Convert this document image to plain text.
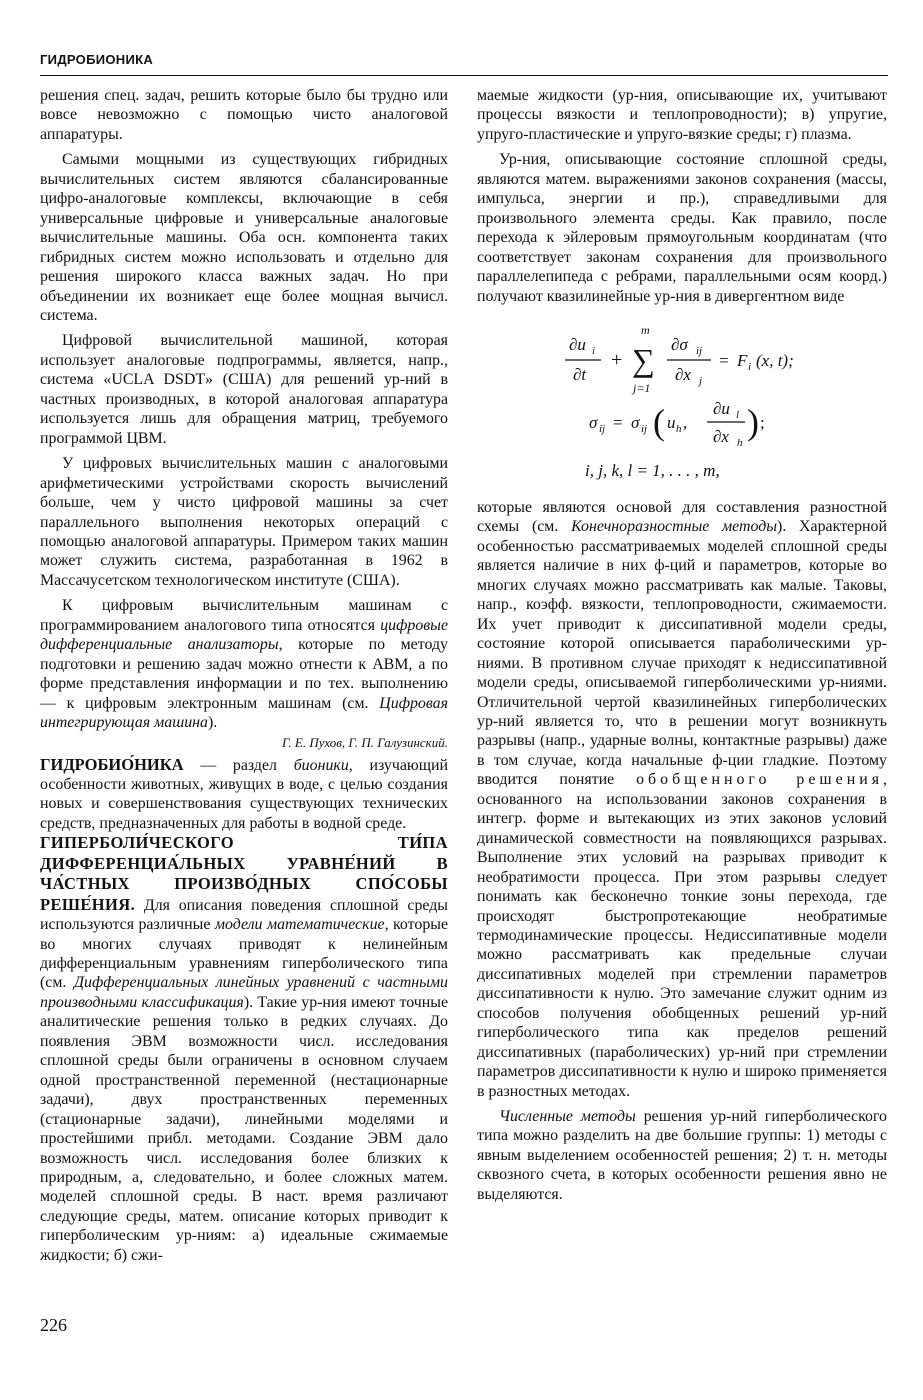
ГИДРОБИОНИКА

решения спец. задач, решить которые было бы трудно или вовсе невозможно с помощью чисто аналоговой аппаратуры.

Самыми мощными из существующих гибридных вычислительных систем являются сбалансированные цифро-аналоговые комплексы, включающие в себя универсальные цифровые и универсальные аналоговые вычислительные машины. Оба осн. компонента таких гибридных систем можно использовать и отдельно для решения широкого класса важных задач. Но при объединении их возникает еще более мощная вычисл. система.

Цифровой вычислительной машиной, которая использует аналоговые подпрограммы, является, напр., система «UCLA DSDT» (США) для решений ур-ний в частных производных, в которой аналоговая аппаратура используется лишь для обращения матриц, требуемого программой ЦВМ.

У цифровых вычислительных машин с аналоговыми арифметическими устройствами скорость вычислений больше, чем у чисто цифровой машины за счет параллельного выполнения некоторых операций с помощью аналоговой аппаратуры. Примером таких машин может служить система, разработанная в 1962 в Массачусетском технологическом институте (США).

К цифровым вычислительным машинам с программированием аналогового типа относятся цифровые дифференциальные анализаторы, которые по методу подготовки и решению задач можно отнести к АВМ, а по форме представления информации и по тех. выполнению — к цифровым электронным машинам (см. Цифровая интегрирующая машина).

Г. Е. Пухов, Г. П. Галузинский.

ГИДРОБИО́НИКА — раздел бионики, изучающий особенности животных, живущих в воде, с целью создания новых и совершенствования существующих технических средств, предназначенных для работы в водной среде.

ГИПЕРБОЛИ́ЧЕСКОГО ТИ́ПА ДИФФЕРЕНЦИА́ЛЬНЫХ УРАВНЕ́НИЙ В ЧА́СТНЫХ ПРОИЗВО́ДНЫХ СПО́СОБЫ РЕШЕ́НИЯ. Для описания поведения сплошной среды используются различные модели математические, которые во многих случаях приводят к нелинейным дифференциальным уравнениям гиперболического типа (см. Дифференциальных линейных уравнений с частными производными классификация). Такие ур-ния имеют точные аналитические решения только в редких случаях. До появления ЭВМ возможности числ. исследования сплошной среды были ограничены в основном случаем одной пространственной переменной (нестационарные задачи), двух пространственных переменных (стационарные задачи), линейными моделями и простейшими прибл. методами. Создание ЭВМ дало возможность числ. исследования более близких к природным, а, следовательно, и более сложных матем. моделей сплошной среды. В наст. время различают следующие среды, матем. описание которых приводит к гиперболическим ур-ниям: а) идеальные сжимаемые жидкости; б) сжи-

маемые жидкости (ур-ния, описывающие их, учитывают процессы вязкости и теплопроводности); в) упругие, упруго-пластические и упруго-вязкие среды; г) плазма.

Ур-ния, описывающие состояние сплошной среды, являются матем. выражениями законов сохранения (массы, импульса, энергии и пр.), справедливыми для произвольного элемента среды. Как правило, после перехода к эйлеровым прямоугольным координатам (что соответствует законам сохранения для произвольного параллелепипеда с ребрами, параллельными осям коорд.) получают квазилинейные ур-ния в дивергентном виде

∂u i
∂t
+
m
∑
j=1
∂σ ij
∂x j
= F i (x, t);
σ ij = σ ij ( u h ,
∂u l
∂x h
) ;
i, j, k, l = 1, . . . , m,

которые являются основой для составления разностной схемы (см. Конечноразностные методы). Характерной особенностью рассматриваемых моделей сплошной среды является наличие в них ф-ций и параметров, которые во многих случаях можно рассматривать как малые. Таковы, напр., коэфф. вязкости, теплопроводности, сжимаемости. Их учет приводит к диссипативной модели среды, состояние которой описывается параболическими ур-ниями. В противном случае приходят к недиссипативной модели среды, описываемой гиперболическими ур-ниями. Отличительной чертой квазилинейных гиперболических ур-ний является то, что в решении могут возникнуть разрывы (напр., ударные волны, контактные разрывы) даже в том случае, когда начальные ф-ции гладкие. Поэтому вводится понятие обобщенного решения, основанного на использовании законов сохранения в интегр. форме и вытекающих из этих законов условий динамической совместности на появляющихся разрывах. Выполнение этих условий на разрывах приводит к необратимости процесса. При этом разрывы следует понимать как бесконечно тонкие зоны перехода, где происходят быстропротекающие необратимые термодинамические процессы. Недиссипативные модели можно рассматривать как предельные случаи диссипативных моделей при стремлении параметров диссипативности к нулю. Это замечание служит одним из способов получения обобщенных решений ур-ний гиперболического типа как пределов решений диссипативных (параболических) ур-ний при стремлении параметров диссипативности к нулю и широко применяется в разностных методах.

Численные методы решения ур-ний гиперболического типа можно разделить на две большие группы: 1) методы с явным выделением особенностей решения; 2) т. н. методы сквозного счета, в которых особенности решения явно не выделяются.

226
